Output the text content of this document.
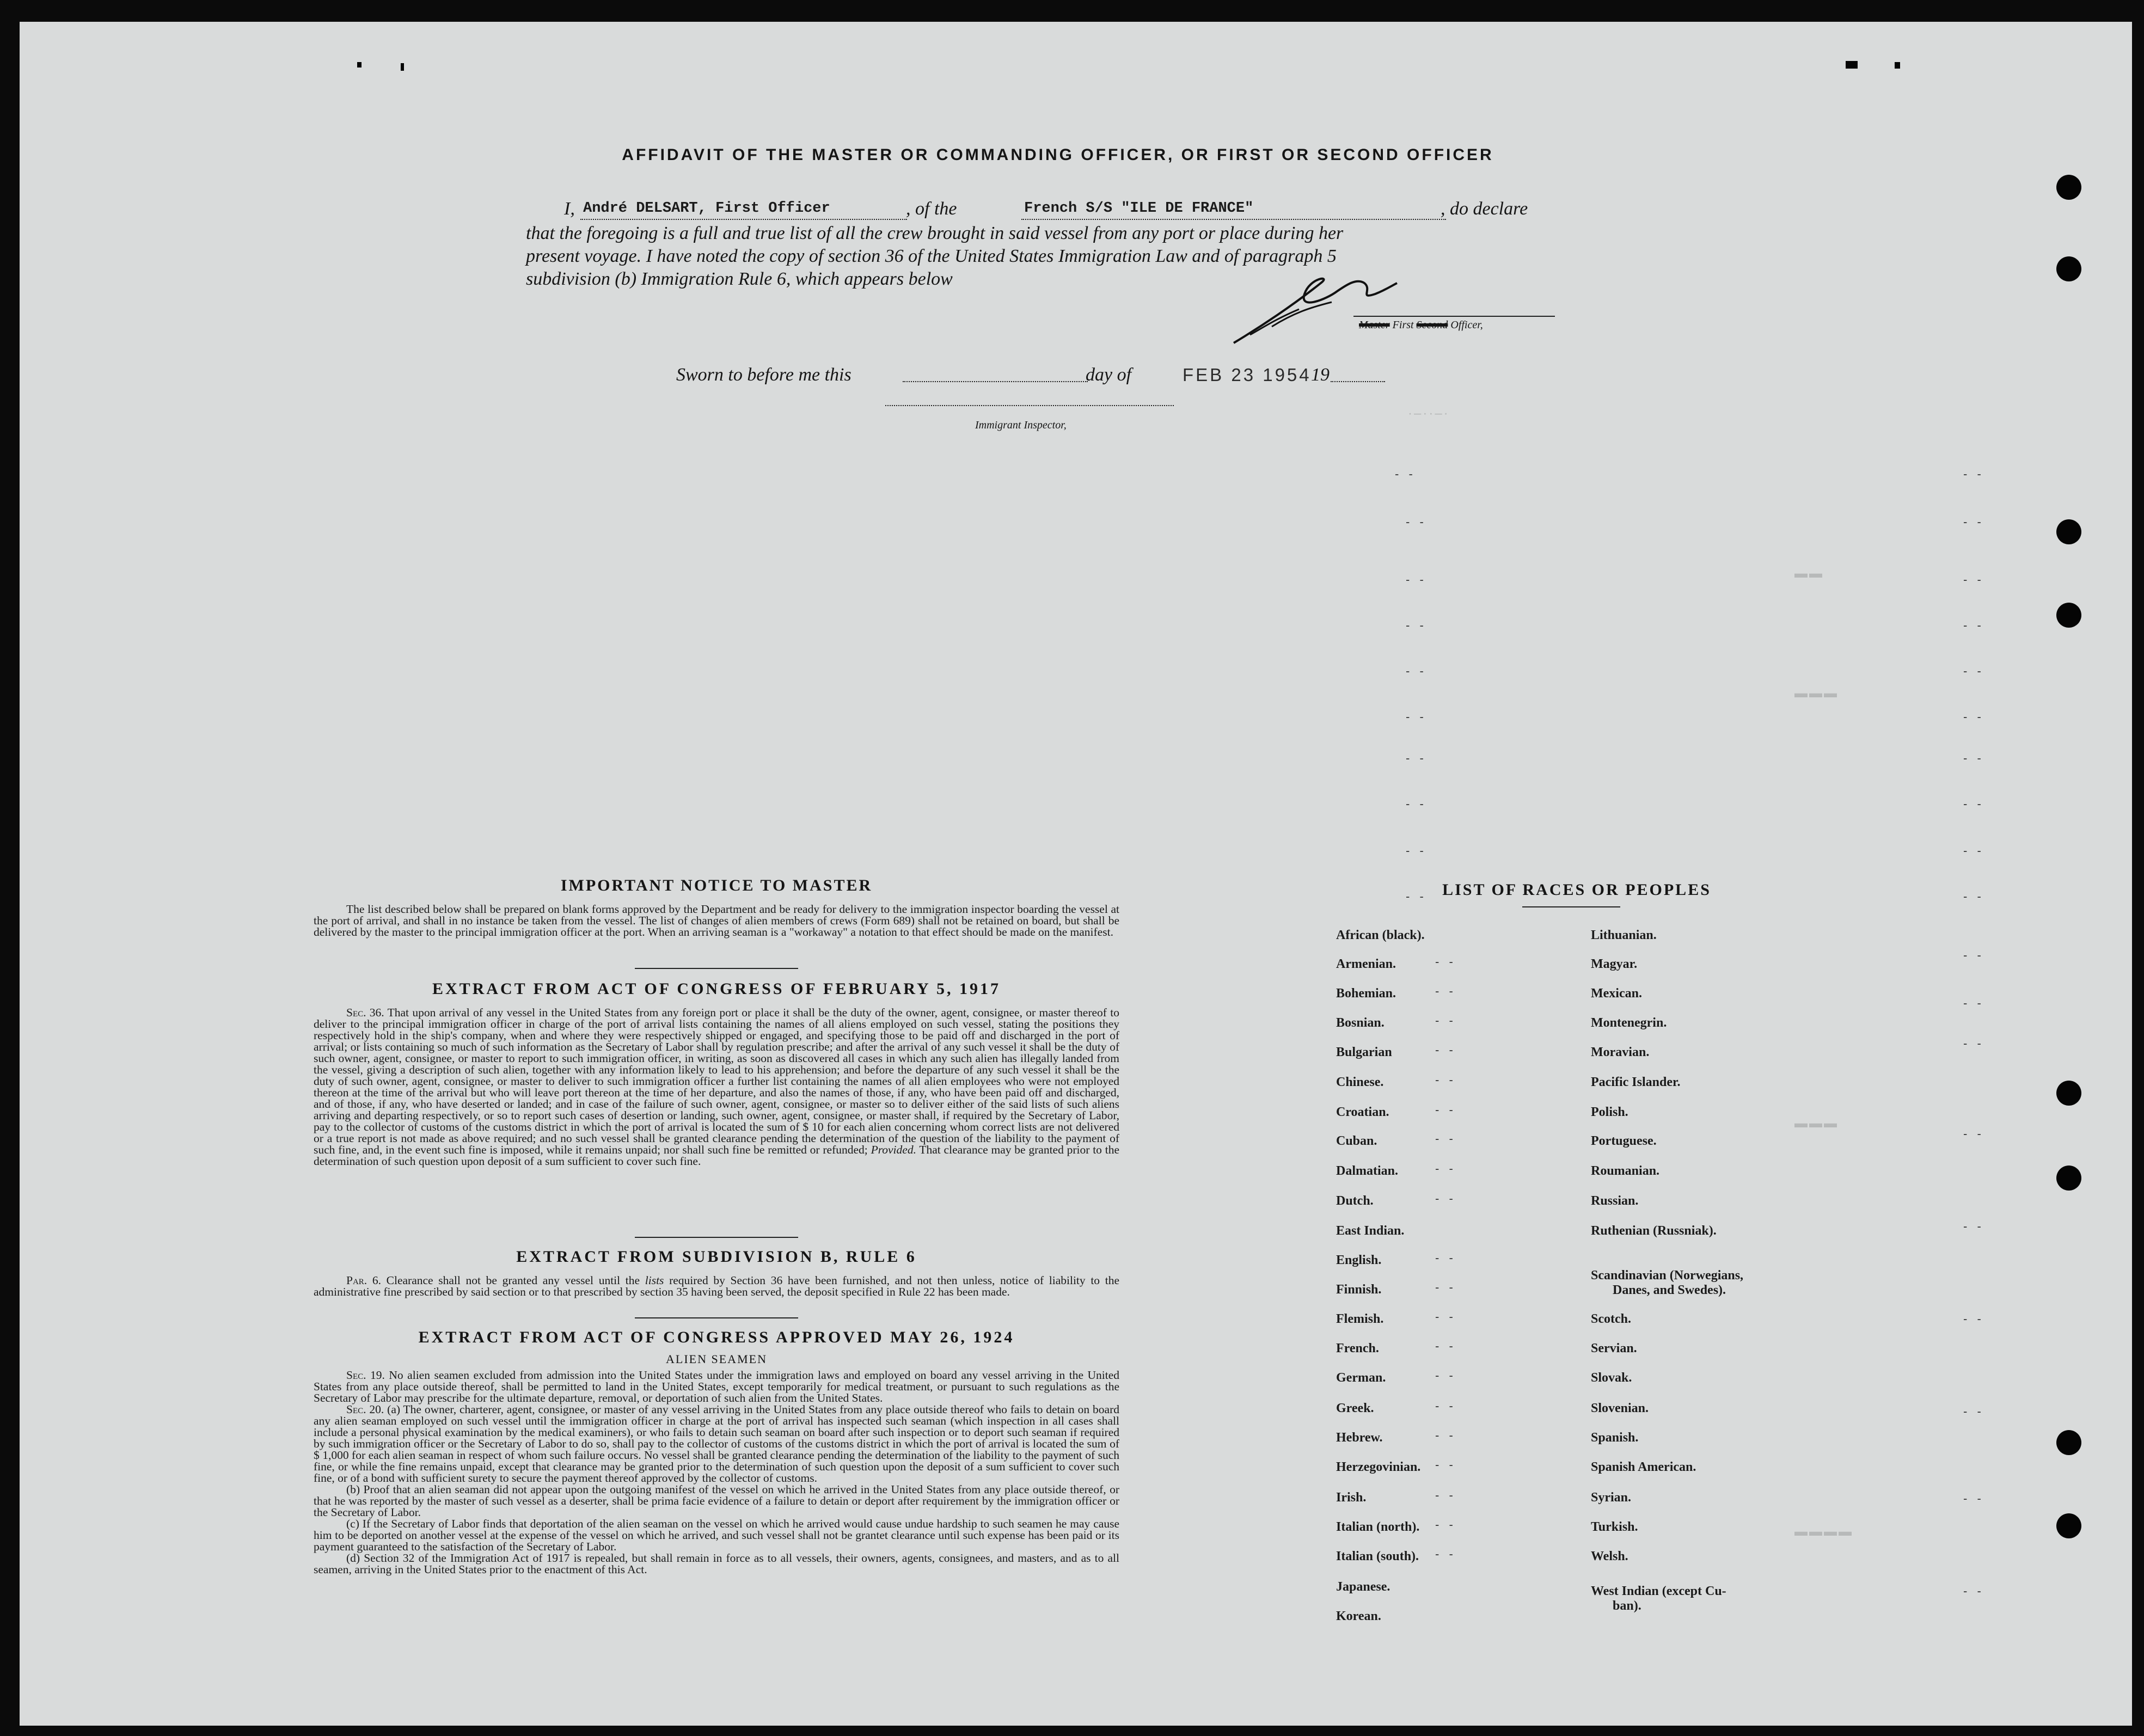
·–··–·
▬▬
▬▬▬
▬▬▬
▬▬▬▬
AFFIDAVIT OF THE MASTER OR COMMANDING OFFICER, OR FIRST OR SECOND OFFICER
I, André DELSART, First Officer	, of the	French S/S "ILE DE FRANCE"	, do declare
that the foregoing is a full and true list of all the crew brought in said vessel from any port or place during her
present voyage. I have noted the copy of section 36 of the United States Immigration Law and of paragraph 5
subdivision (b) Immigration Rule 6, which appears below
Master First Second Officer,
Sworn to before me this	day of	FEB 23 1954 19
Immigrant Inspector,
- -
- -
- -
- -
- -
- -
- -
- -
- -
- -
- -
- -
- -
- -
- -
- -
- -
- -
- -
- -
- -
- -
- -
- -
- -
- -
- -
- -
- -
IMPORTANT NOTICE TO MASTER

The list described below shall be prepared on blank forms approved by the Department and be ready for delivery to the immigration inspector boarding the vessel at the port of arrival, and shall in no instance be taken from the vessel. The list of changes of alien members of crews (Form 689) shall not be retained on board, but shall be delivered by the master to the principal immigration officer at the port. When an arriving seaman is a "workaway" a notation to that effect should be made on the manifest.

EXTRACT FROM ACT OF CONGRESS OF FEBRUARY 5, 1917

Sec. 36. That upon arrival of any vessel in the United States from any foreign port or place it shall be the duty of the owner, agent, consignee, or master thereof to deliver to the principal immigration officer in charge of the port of arrival lists containing the names of all aliens employed on such vessel, stating the positions they respectively hold in the ship's company, when and where they were respectively shipped or engaged, and specifying those to be paid off and discharged in the port of arrival; or lists containing so much of such information as the Secretary of Labor shall by regulation prescribe; and after the arrival of any such vessel it shall be the duty of such owner, agent, consignee, or master to report to such immigration officer, in writing, as soon as discovered all cases in which any such alien has illegally landed from the vessel, giving a description of such alien, together with any information likely to lead to his apprehension; and before the departure of any such vessel it shall be the duty of such owner, agent, consignee, or master to deliver to such immigration officer a further list containing the names of all alien employees who were not employed thereon at the time of the arrival but who will leave port thereon at the time of her departure, and also the names of those, if any, who have been paid off and discharged, and of those, if any, who have deserted or landed; and in case of the failure of such owner, agent, consignee, or master so to deliver either of the said lists of such aliens arriving and departing respectively, or so to report such cases of desertion or landing, such owner, agent, consignee, or master shall, if required by the Secretary of Labor, pay to the collector of customs of the customs district in which the port of arrival is located the sum of $ 10 for each alien concerning whom correct lists are not delivered or a true report is not made as above required; and no such vessel shall be granted clearance pending the determination of the question of the liability to the payment of such fine, and, in the event such fine is imposed, while it remains unpaid; nor shall such fine be remitted or refunded; Provided. That clearance may be granted prior to the determination of such question upon deposit of a sum sufficient to cover such fine.

EXTRACT FROM SUBDIVISION B, RULE 6

Par. 6. Clearance shall not be granted any vessel until the lists required by Section 36 have been furnished, and not then unless, notice of liability to the administrative fine prescribed by said section or to that prescribed by section 35 having been served, the deposit specified in Rule 22 has been made.

EXTRACT FROM ACT OF CONGRESS APPROVED MAY 26, 1924
ALIEN SEAMEN

Sec. 19. No alien seamen excluded from admission into the United States under the immigration laws and employed on board any vessel arriving in the United States from any place outside thereof, shall be permitted to land in the United States, except temporarily for medical treatment, or pursuant to such regulations as the Secretary of Labor may prescribe for the ultimate departure, removal, or deportation of such alien from the United States.

Sec. 20. (a) The owner, charterer, agent, consignee, or master of any vessel arriving in the United States from any place outside thereof who fails to detain on board any alien seaman employed on such vessel until the immigration officer in charge at the port of arrival has inspected such seaman (which inspection in all cases shall include a personal physical examination by the medical examiners), or who fails to detain such seaman on board after such inspection or to deport such seaman if required by such immigration officer or the Secretary of Labor to do so, shall pay to the collector of customs of the customs district in which the port of arrival is located the sum of $ 1,000 for each alien seaman in respect of whom such failure occurs. No vessel shall be granted clearance pending the determination of the liability to the payment of such fine, or while the fine remains unpaid, except that clearance may be granted prior to the determination of such question upon the deposit of a sum sufficient to cover such fine, or of a bond with sufficient surety to secure the payment thereof approved by the collector of customs.

(b) Proof that an alien seaman did not appear upon the outgoing manifest of the vessel on which he arrived in the United States from any place outside thereof, or that he was reported by the master of such vessel as a deserter, shall be prima facie evidence of a failure to detain or deport after requirement by the immigration officer or the Secretary of Labor.

(c) If the Secretary of Labor finds that deportation of the alien seaman on the vessel on which he arrived would cause undue hardship to such seamen he may cause him to be deported on another vessel at the expense of the vessel on which he arrived, and such vessel shall not be grantet clearance until such expense has been paid or its payment guaranteed to the satisfaction of the Secretary of Labor.

(d) Section 32 of the Immigration Act of 1917 is repealed, but shall remain in force as to all vessels, their owners, agents, consignees, and masters, and as to all seamen, arriving in the United States prior to the enactment of this Act.

LIST OF RACES OR PEOPLES
African (black).
Armenian.
Bohemian.
Bosnian.
Bulgarian
Chinese.
Croatian.
Cuban.
Dalmatian.
Dutch.
East Indian.
English.
Finnish.
Flemish.
French.
German.
Greek.
Hebrew.
Herzegovinian.
Irish.
Italian (north).
Italian (south).
Japanese.
Korean.
Lithuanian.
Magyar.
Mexican.
Montenegrin.
Moravian.
Pacific Islander.
Polish.
Portuguese.
Roumanian.
Russian.
Ruthenian (Russniak).
Scandinavian (Norwegians,
Danes, and Swedes).
Scotch.
Servian.
Slovak.
Slovenian.
Spanish.
Spanish American.
Syrian.
Turkish.
Welsh.
West Indian (except Cu-
ban).
- -
- -
- -
- -
- -
- -
- -
- -
- -
- -
- -
- -
- -
- -
- -
- -
- -
- -
- -
- -
